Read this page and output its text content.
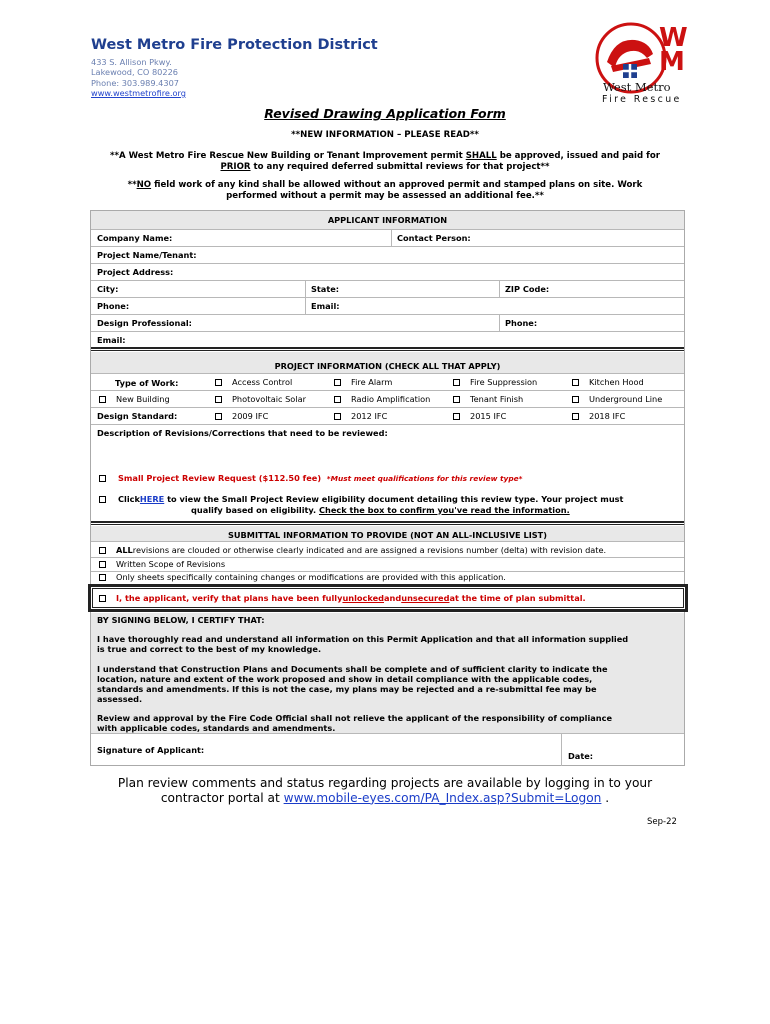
West Metro Fire Protection District
433 S. Allison Pkwy.
Lakewood, CO 80226
Phone: 303.989.4307
www.westmetrofire.org
W
M
West Metro
Fire Rescue
Revised Drawing Application Form
**NEW INFORMATION – PLEASE READ**
**A West Metro Fire Rescue New Building or Tenant Improvement permit SHALL be approved, issued and paid for
PRIOR to any required deferred submittal reviews for that project**
**NO field work of any kind shall be allowed without an approved permit and stamped plans on site. Work
performed without a permit may be assessed an additional fee.**
APPLICANT INFORMATION
Company Name:	Contact Person:
Project Name/Tenant:
Project Address:
City:	State:	ZIP Code:
Phone:	Email:
Design Professional:	Phone:
Email:
PROJECT INFORMATION (CHECK ALL THAT APPLY)
Type of Work:	Access Control	Fire Alarm	Fire Suppression	Kitchen Hood
New Building	Photovoltaic Solar	Radio Amplification	Tenant Finish	Underground Line
Design Standard:	2009 IFC	2012 IFC	2015 IFC	2018 IFC
Description of Revisions/Corrections that need to be reviewed:
Small Project Review Request ($112.50 fee)
*Must meet qualifications for this review type*
Click HERE
to view the Small Project Review eligibility document detailing this review type. Your project must
qualify based on eligibility. Check the box to confirm you've read the information.
SUBMITTAL INFORMATION TO PROVIDE (NOT AN ALL-INCLUSIVE LIST)
ALL revisions are clouded or otherwise clearly indicated and are assigned a revisions number (delta) with revision date.
Written Scope of Revisions
Only sheets specifically containing changes or modifications are provided with this application.
I, the applicant, verify that plans have been fully unlocked and unsecured at the time of plan submittal.
BY SIGNING BELOW, I CERTIFY THAT:
I have thoroughly read and understand all information on this Permit Application and that all information supplied
is true and correct to the best of my knowledge.
I understand that Construction Plans and Documents shall be complete and of sufficient clarity to indicate the
location, nature and extent of the work proposed and show in detail compliance with the applicable codes,
standards and amendments. If this is not the case, my plans may be rejected and a re-submittal fee may be
assessed.
Review and approval by the Fire Code Official shall not relieve the applicant of the responsibility of compliance
with applicable codes, standards and amendments.
Signature of Applicant:
Date:
Plan review comments and status regarding projects are available by logging in to your
contractor portal at www.mobile-eyes.com/PA_Index.asp?Submit=Logon .
Sep-22
